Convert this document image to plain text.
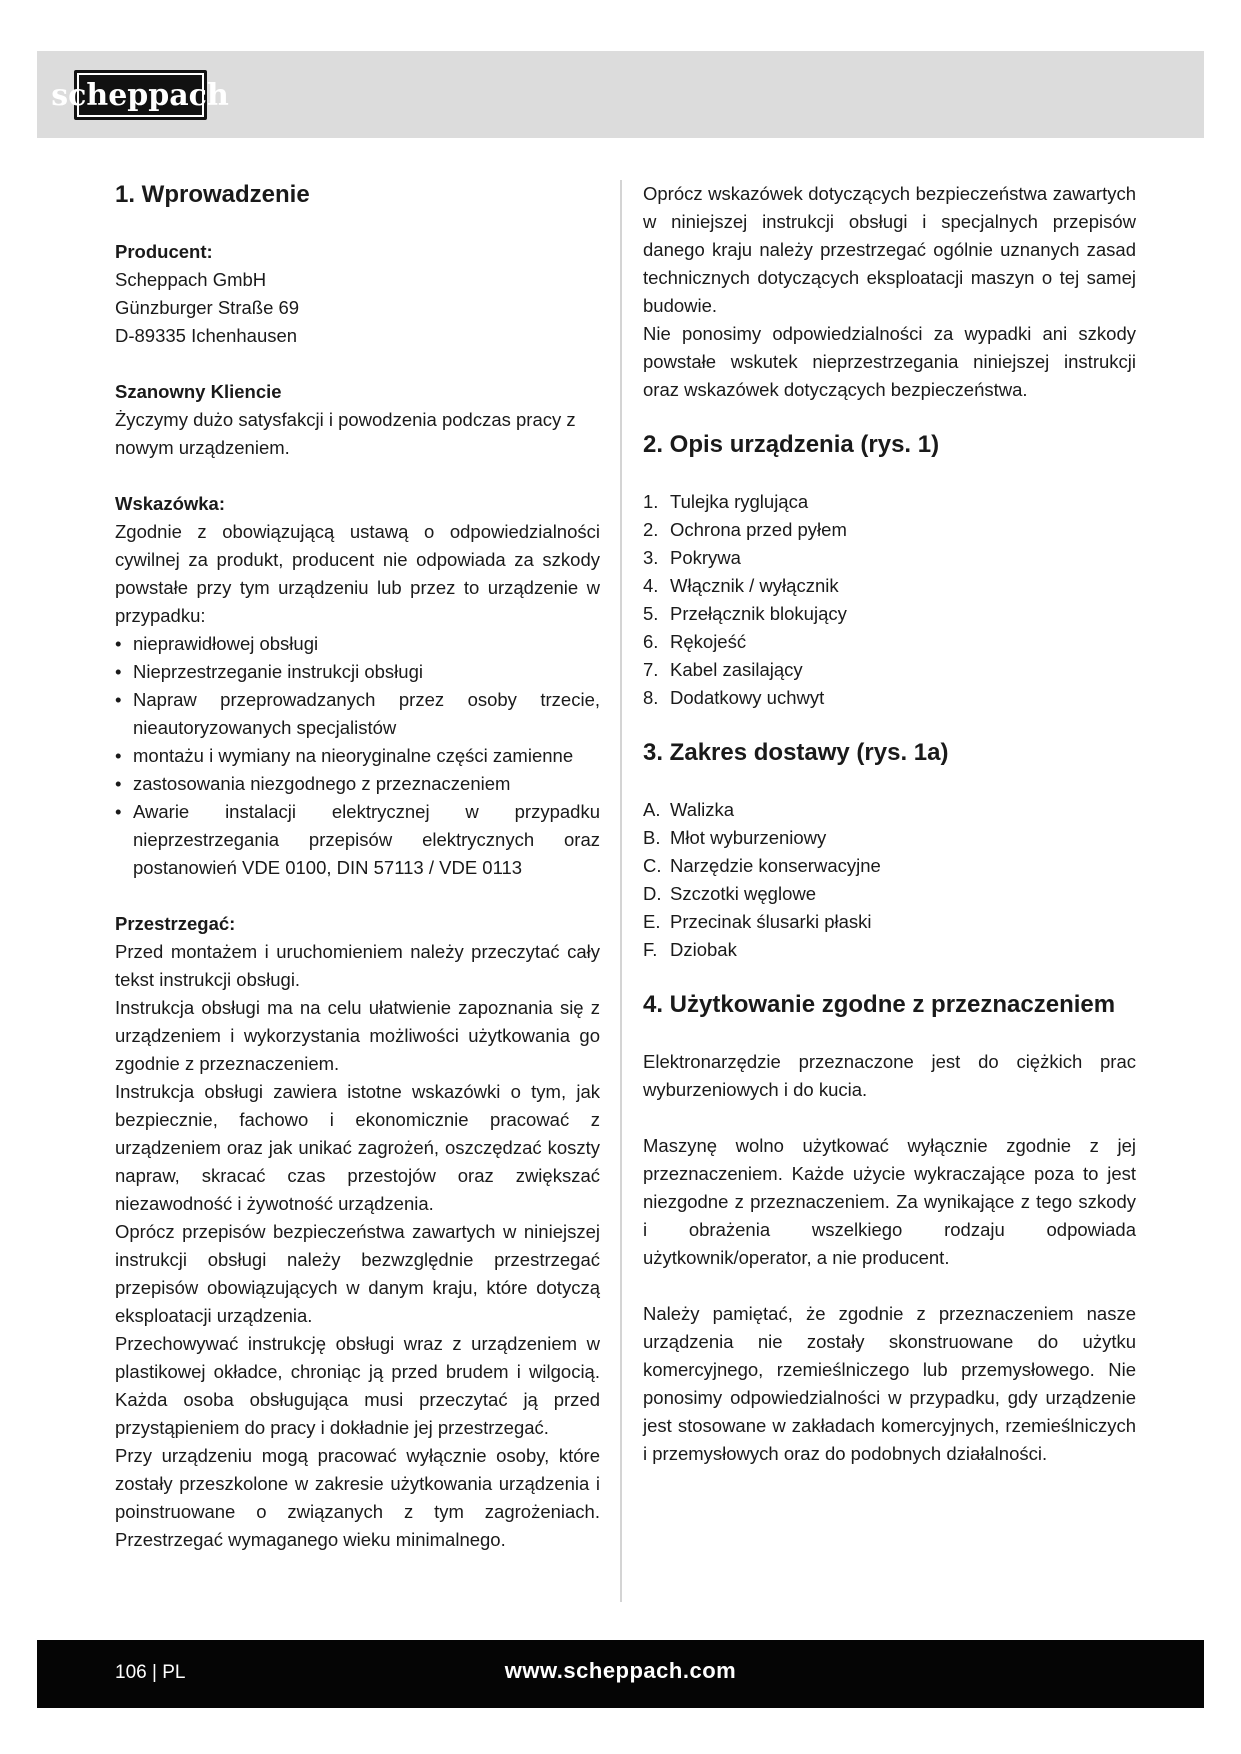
scheppach
1. Wprowadzenie

Producent:

Scheppach GmbH

Günzburger Straße 69

D-89335 Ichenhausen

Szanowny Kliencie

Życzymy dużo satysfakcji i powodzenia podczas pracy z nowym urządzeniem.

Wskazówka:

Zgodnie z obowiązującą ustawą o odpowiedzialności cywilnej za produkt, producent nie odpowiada za szkody powstałe przy tym urządzeniu lub przez to urządzenie w przypadku:

• nieprawidłowej obsługi
• Nieprzestrzeganie instrukcji obsługi
• Napraw przeprowadzanych przez osoby trzecie, nieautoryzowanych specjalistów
• montażu i wymiany na nieoryginalne części zamienne
• zastosowania niezgodnego z przeznaczeniem
• Awarie instalacji elektrycznej w przypadku nieprzestrzegania przepisów elektrycznych oraz postanowień VDE 0100, DIN 57113 / VDE 0113

Przestrzegać:

Przed montażem i uruchomieniem należy przeczytać cały tekst instrukcji obsługi.

Instrukcja obsługi ma na celu ułatwienie zapoznania się z urządzeniem i wykorzystania możliwości użytkowania go zgodnie z przeznaczeniem.

Instrukcja obsługi zawiera istotne wskazówki o tym, jak bezpiecznie, fachowo i ekonomicznie pracować z urządzeniem oraz jak unikać zagrożeń, oszczędzać koszty napraw, skracać czas przestojów oraz zwiększać niezawodność i żywotność urządzenia.

Oprócz przepisów bezpieczeństwa zawartych w niniejszej instrukcji obsługi należy bezwzględnie przestrzegać przepisów obowiązujących w danym kraju, które dotyczą eksploatacji urządzenia.

Przechowywać instrukcję obsługi wraz z urządzeniem w plastikowej okładce, chroniąc ją przed brudem i wilgocią. Każda osoba obsługująca musi przeczytać ją przed przystąpieniem do pracy i dokładnie jej przestrzegać.

Przy urządzeniu mogą pracować wyłącznie osoby, które zostały przeszkolone w zakresie użytkowania urządzenia i poinstruowane o związanych z tym zagrożeniach. Przestrzegać wymaganego wieku minimalnego.

Oprócz wskazówek dotyczących bezpieczeństwa zawartych w niniejszej instrukcji obsługi i specjalnych przepisów danego kraju należy przestrzegać ogólnie uznanych zasad technicznych dotyczących eksploatacji maszyn o tej samej budowie.

Nie ponosimy odpowiedzialności za wypadki ani szkody powstałe wskutek nieprzestrzegania niniejszej instrukcji oraz wskazówek dotyczących bezpieczeństwa.

2. Opis urządzenia (rys. 1)
1. Tulejka ryglująca
2. Ochrona przed pyłem
3. Pokrywa
4. Włącznik / wyłącznik
5. Przełącznik blokujący
6. Rękojeść
7. Kabel zasilający
8. Dodatkowy uchwyt
3. Zakres dostawy (rys. 1a)
A. Walizka
B. Młot wyburzeniowy
C. Narzędzie konserwacyjne
D. Szczotki węglowe
E. Przecinak ślusarki płaski
F. Dziobak
4. Użytkowanie zgodne z przeznaczeniem

Elektronarzędzie przeznaczone jest do ciężkich prac wyburzeniowych i do kucia.

Maszynę wolno użytkować wyłącznie zgodnie z jej przeznaczeniem. Każde użycie wykraczające poza to jest niezgodne z przeznaczeniem. Za wynikające z tego szkody i obrażenia wszelkiego rodzaju odpowiada użytkownik/operator, a nie producent.

Należy pamiętać, że zgodnie z przeznaczeniem nasze urządzenia nie zostały skonstruowane do użytku komercyjnego, rzemieślniczego lub przemysłowego. Nie ponosimy odpowiedzialności w przypadku, gdy urządzenie jest stosowane w zakładach komercyjnych, rzemieślniczych i przemysłowych oraz do podobnych działalności.

106 | PL	www.scheppach.com
